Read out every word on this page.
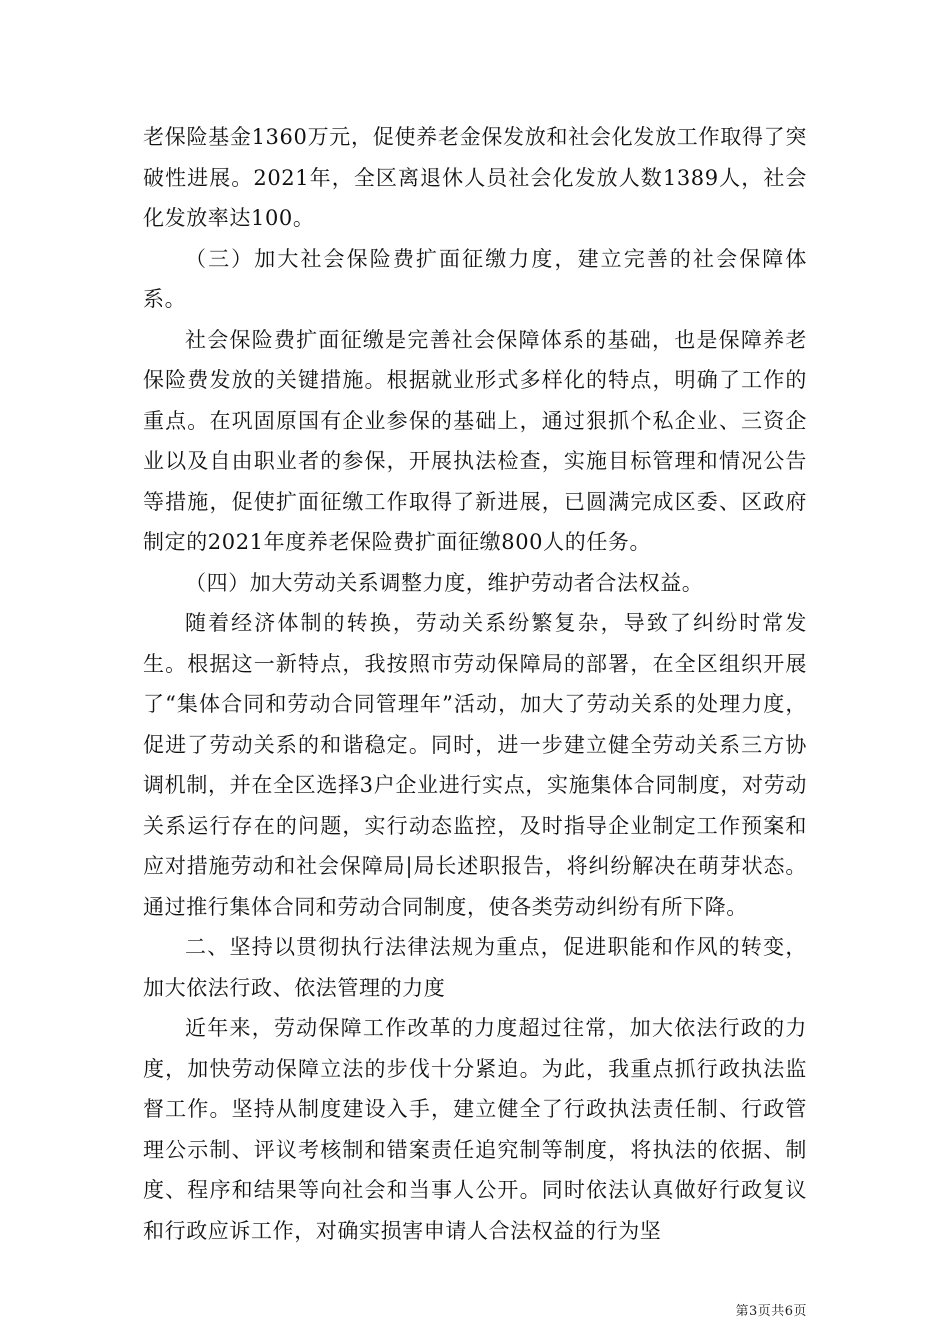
老保险基金1360万元，促使养老金保发放和社会化发放工作取得了突破性进展。2021年，全区离退休人员社会化发放人数1389人，社会化发放率达100。

（三）加大社会保险费扩面征缴力度，建立完善的社会保障体系。

社会保险费扩面征缴是完善社会保障体系的基础，也是保障养老保险费发放的关键措施。根据就业形式多样化的特点，明确了工作的重点。在巩固原国有企业参保的基础上，通过狠抓个私企业、三资企业以及自由职业者的参保，开展执法检查，实施目标管理和情况公告等措施，促使扩面征缴工作取得了新进展，已圆满完成区委、区政府制定的2021年度养老保险费扩面征缴800人的任务。

（四）加大劳动关系调整力度，维护劳动者合法权益。

随着经济体制的转换，劳动关系纷繁复杂，导致了纠纷时常发生。根据这一新特点，我按照市劳动保障局的部署，在全区组织开展了“集体合同和劳动合同管理年”活动，加大了劳动关系的处理力度，促进了劳动关系的和谐稳定。同时，进一步建立健全劳动关系三方协调机制，并在全区选择3户企业进行实点，实施集体合同制度，对劳动关系运行存在的问题，实行动态监控，及时指导企业制定工作预案和应对措施劳动和社会保障局|局长述职报告，将纠纷解决在萌芽状态。通过推行集体合同和劳动合同制度，使各类劳动纠纷有所下降。

二、坚持以贯彻执行法律法规为重点，促进职能和作风的转变，加大依法行政、依法管理的力度

近年来，劳动保障工作改革的力度超过往常，加大依法行政的力度，加快劳动保障立法的步伐十分紧迫。为此，我重点抓行政执法监督工作。坚持从制度建设入手，建立健全了行政执法责任制、行政管理公示制、评议考核制和错案责任追究制等制度，将执法的依据、制度、程序和结果等向社会和当事人公开。同时依法认真做好行政复议和行政应诉工作，对确实损害申请人合法权益的行为坚

第3页共6页
